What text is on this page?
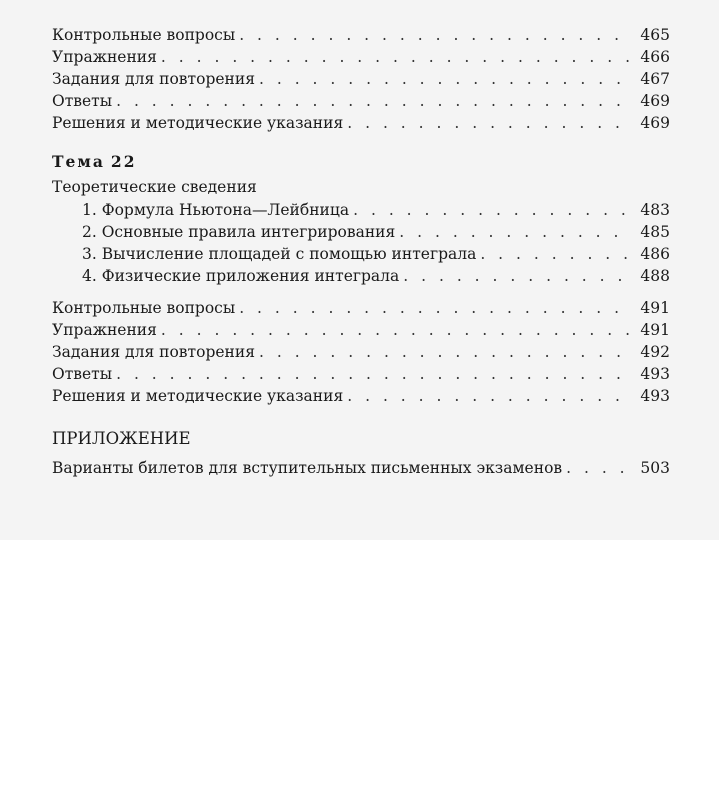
Контрольные вопросы . . .	465
Упражнения . . .	466
Задания для повторения . . .	467
Ответы . . .	469
Решения и методические указания . . .	469
Тема 22
Теоретические сведения
1. Формула Ньютона—Лейбница . . .	483
2. Основные правила интегрирования . . .	485
3. Вычисление площадей с помощью интеграла . . .	486
4. Физические приложения интеграла . . .	488
Контрольные вопросы . . .	491
Упражнения . . .	491
Задания для повторения . . .	492
Ответы . . .	493
Решения и методические указания . . .	493
ПРИЛОЖЕНИЕ
Варианты билетов для вступительных письменных экзаменов . . .	503
